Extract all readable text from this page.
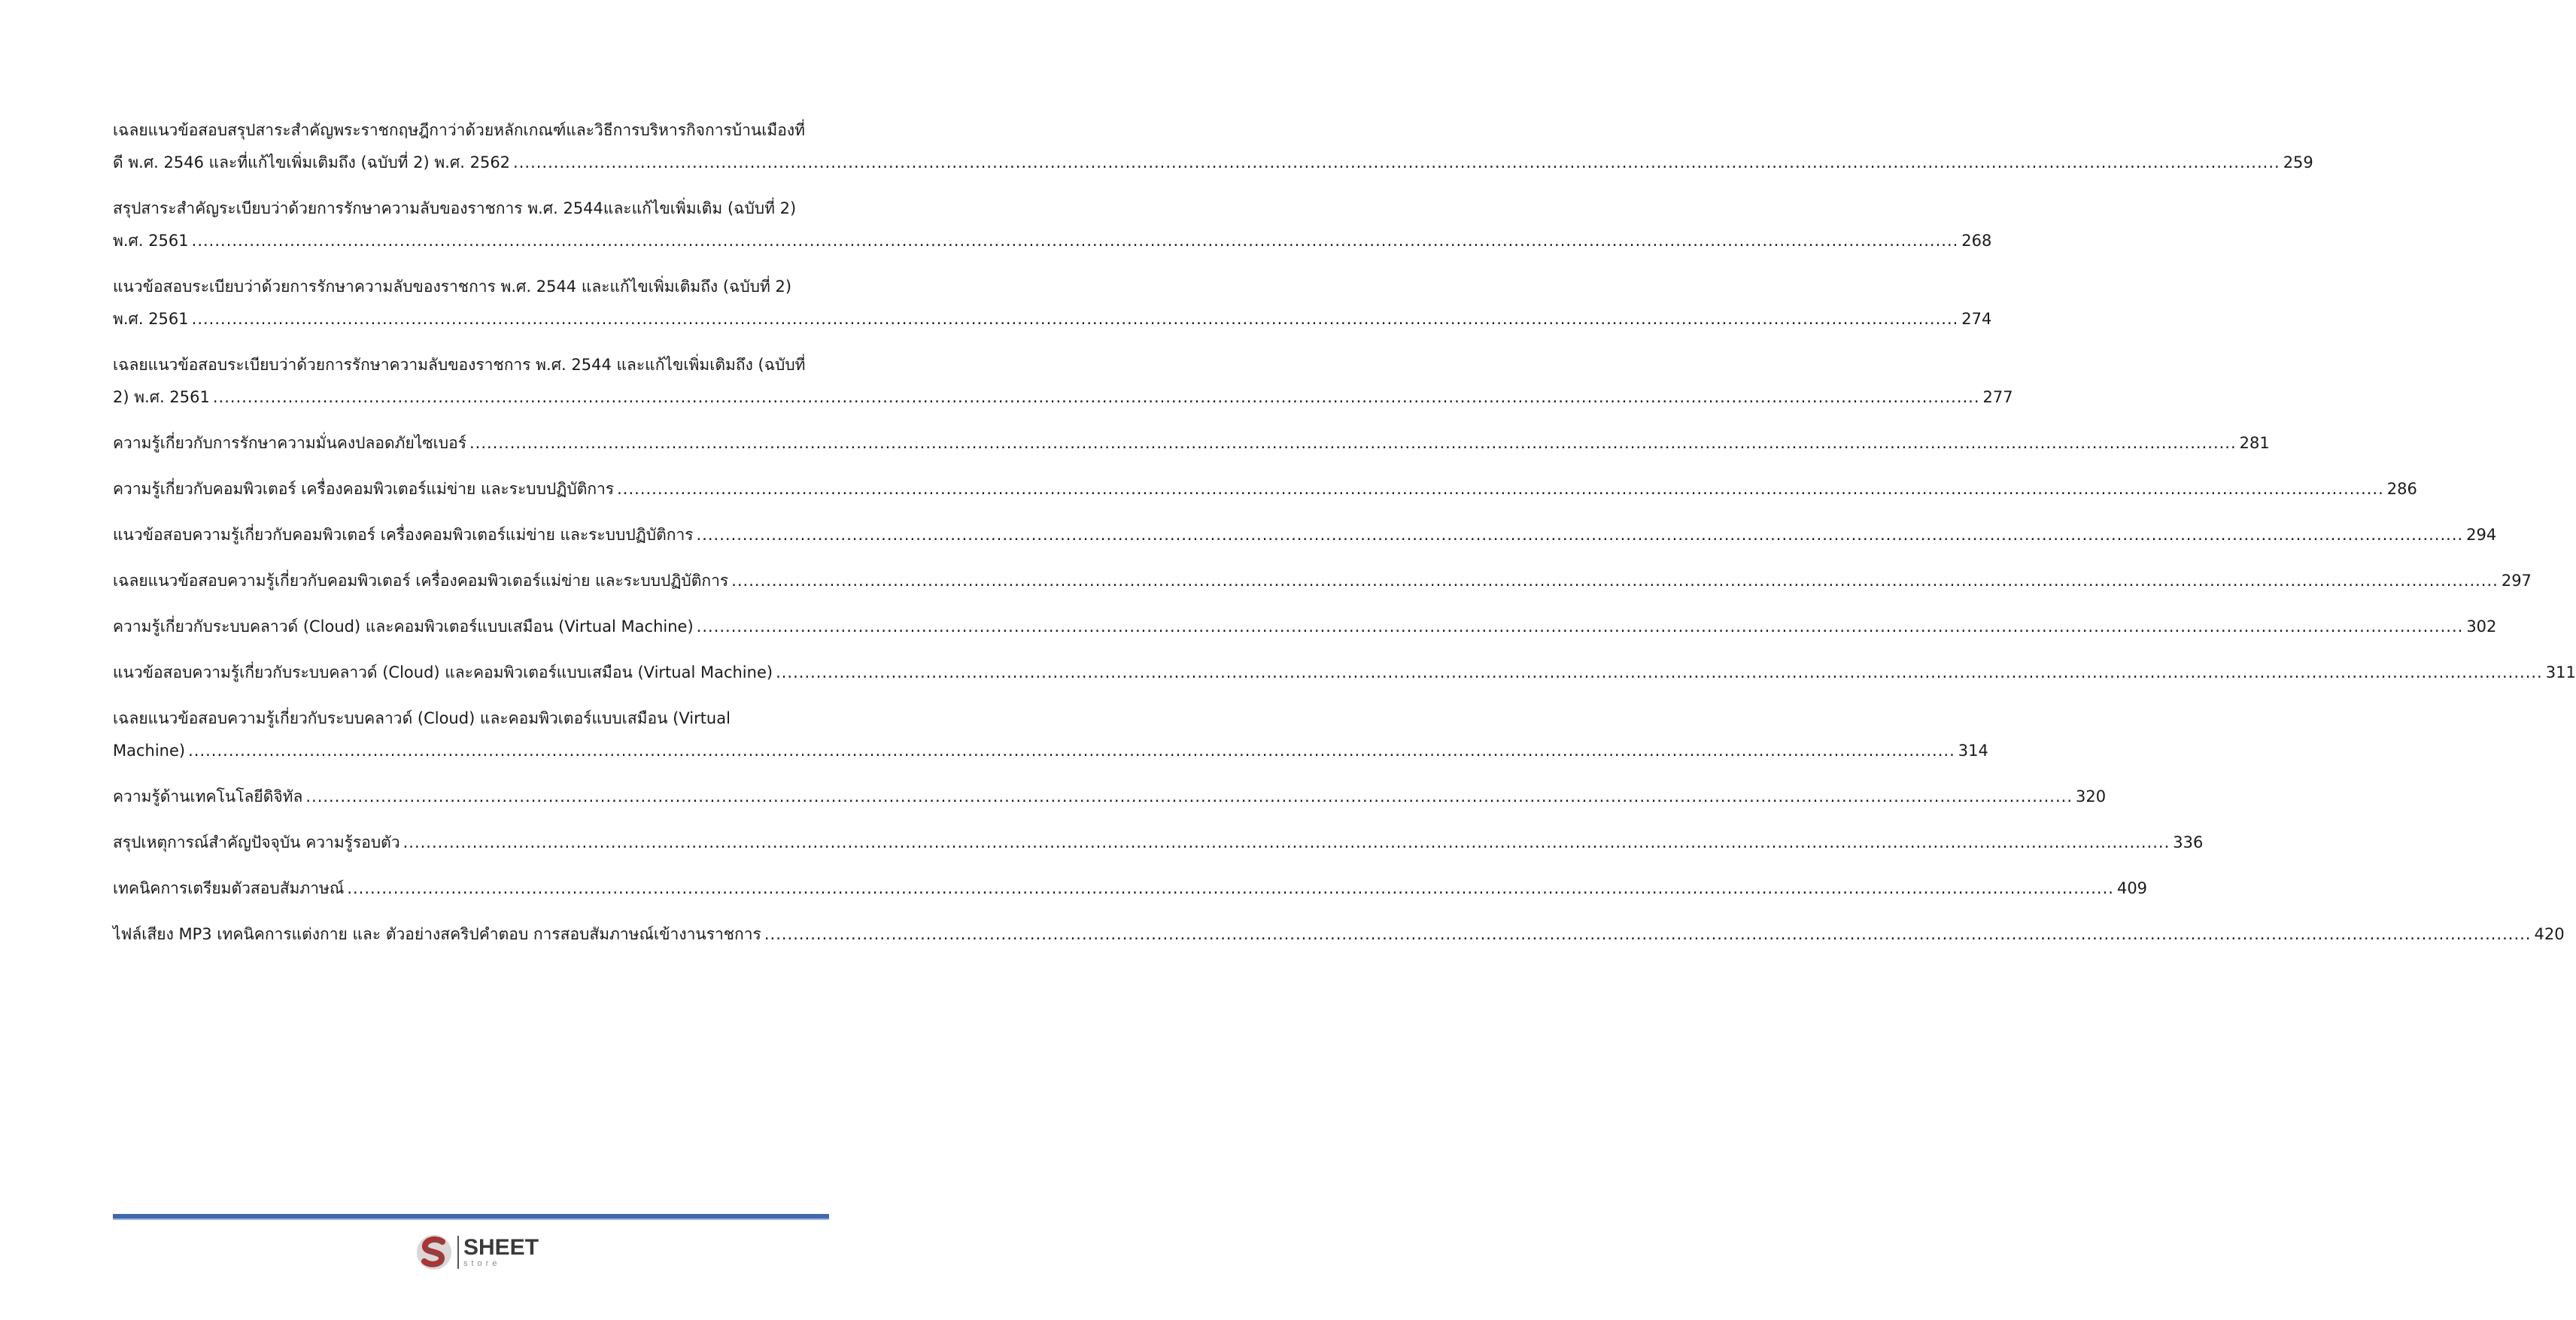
เฉลยแนวข้อสอบสรุปสาระสำคัญพระราชกฤษฎีกาว่าด้วยหลักเกณฑ์และวิธีการบริหารกิจการบ้านเมืองที่
ดี พ.ศ. 2546 และที่แก้ไขเพิ่มเติมถึง (ฉบับที่ 2) พ.ศ. 2562 .....	259
สรุปสาระสำคัญระเบียบว่าด้วยการรักษาความลับของราชการ พ.ศ. 2544และแก้ไขเพิ่มเติม (ฉบับที่ 2)
พ.ศ. 2561 .....	268
แนวข้อสอบระเบียบว่าด้วยการรักษาความลับของราชการ พ.ศ. 2544 และแก้ไขเพิ่มเติมถึง (ฉบับที่ 2)
พ.ศ. 2561 .....	274
เฉลยแนวข้อสอบระเบียบว่าด้วยการรักษาความลับของราชการ พ.ศ. 2544 และแก้ไขเพิ่มเติมถึง (ฉบับที่
2) พ.ศ. 2561 .....	277
ความรู้เกี่ยวกับการรักษาความมั่นคงปลอดภัยไซเบอร์ .....	281
ความรู้เกี่ยวกับคอมพิวเตอร์ เครื่องคอมพิวเตอร์แม่ข่าย และระบบปฏิบัติการ .....	286
แนวข้อสอบความรู้เกี่ยวกับคอมพิวเตอร์ เครื่องคอมพิวเตอร์แม่ข่าย และระบบปฏิบัติการ .....	294
เฉลยแนวข้อสอบความรู้เกี่ยวกับคอมพิวเตอร์ เครื่องคอมพิวเตอร์แม่ข่าย และระบบปฏิบัติการ .....	297
ความรู้เกี่ยวกับระบบคลาวด์ (Cloud) และคอมพิวเตอร์แบบเสมือน (Virtual Machine) .....	302
แนวข้อสอบความรู้เกี่ยวกับระบบคลาวด์ (Cloud) และคอมพิวเตอร์แบบเสมือน (Virtual Machine) .....	311
เฉลยแนวข้อสอบความรู้เกี่ยวกับระบบคลาวด์ (Cloud) และคอมพิวเตอร์แบบเสมือน (Virtual
Machine) .....	314
ความรู้ด้านเทคโนโลยีดิจิทัล .....	320
สรุปเหตุการณ์สำคัญปัจจุบัน ความรู้รอบตัว .....	336
เทคนิคการเตรียมตัวสอบสัมภาษณ์ .....	409
ไฟล์เสียง MP3 เทคนิคการแต่งกาย และ ตัวอย่างสคริปคำตอบ การสอบสัมภาษณ์เข้างานราชการ .....	420
SHEET
store
